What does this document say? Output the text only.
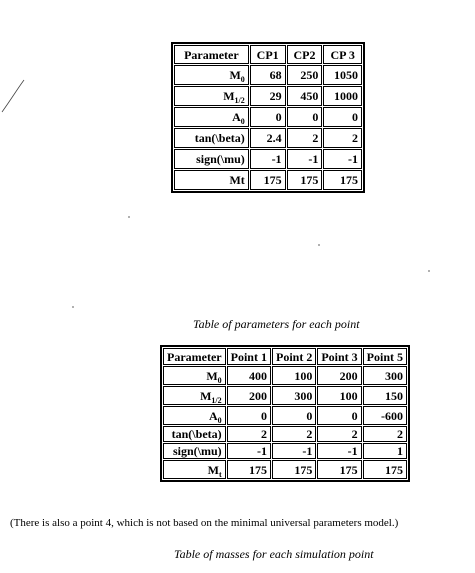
Parameter	CP1	CP2	CP 3
$M_0$	68	250	1050
$M_{1/2}$	29	450	1000
$A_0$	0	0	0
tan(\beta)	2.4	2	2
sign(\mu)	-1	-1	-1
Mt	175	175	175
Table of parameters for each point
Parameter	Point 1	Point 2	Point 3	Point 5
$M_0$	400	100	200	300
$M_{1/2}$	200	300	100	150
$A_0$	0	0	0	-600
tan(\beta)	2	2	2	2
sign(\mu)	-1	-1	-1	1
$M_t$	175	175	175	175
(There is also a point 4, which is not based on the minimal universal parameters model.)
Table of masses for each simulation point
